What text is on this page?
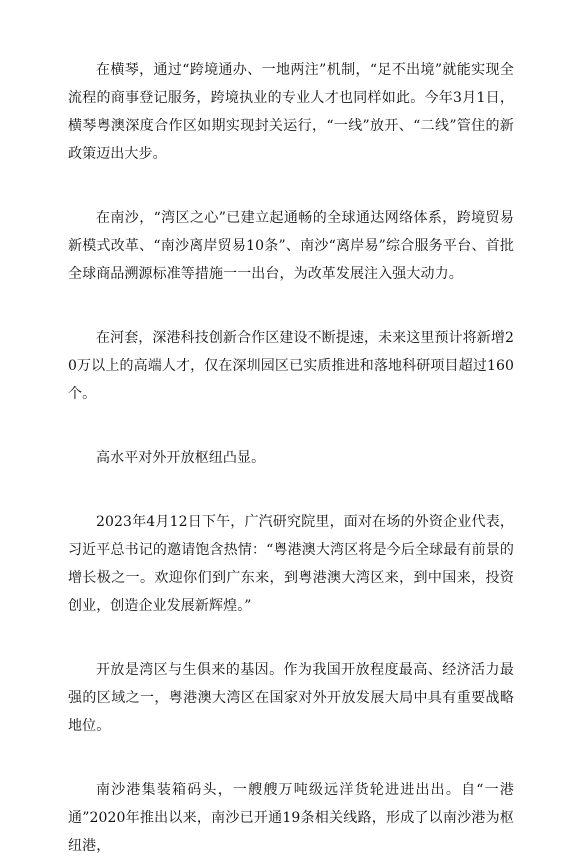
在横琴，通过“跨境通办、一地两注”机制，“足不出境”就能实现全流程的商事登记服务，跨境执业的专业人才也同样如此。今年3月1日，横琴粤澳深度合作区如期实现封关运行，“一线”放开、“二线”管住的新政策迈出大步。

在南沙，“湾区之心”已建立起通畅的全球通达网络体系，跨境贸易新模式改革、“南沙离岸贸易10条”、南沙“离岸易”综合服务平台、首批全球商品溯源标准等措施一一出台，为改革发展注入强大动力。

在河套，深港科技创新合作区建设不断提速，未来这里预计将新增20万以上的高端人才，仅在深圳园区已实质推进和落地科研项目超过160个。

高水平对外开放枢纽凸显。

2023年4月12日下午，广汽研究院里，面对在场的外资企业代表，习近平总书记的邀请饱含热情：“粤港澳大湾区将是今后全球最有前景的增长极之一。欢迎你们到广东来，到粤港澳大湾区来，到中国来，投资创业，创造企业发展新辉煌。”

开放是湾区与生俱来的基因。作为我国开放程度最高、经济活力最强的区域之一，粤港澳大湾区在国家对外开放发展大局中具有重要战略地位。

南沙港集装箱码头，一艘艘万吨级远洋货轮进进出出。自“一港通”2020年推出以来，南沙已开通19条相关线路，形成了以南沙港为枢纽港，
